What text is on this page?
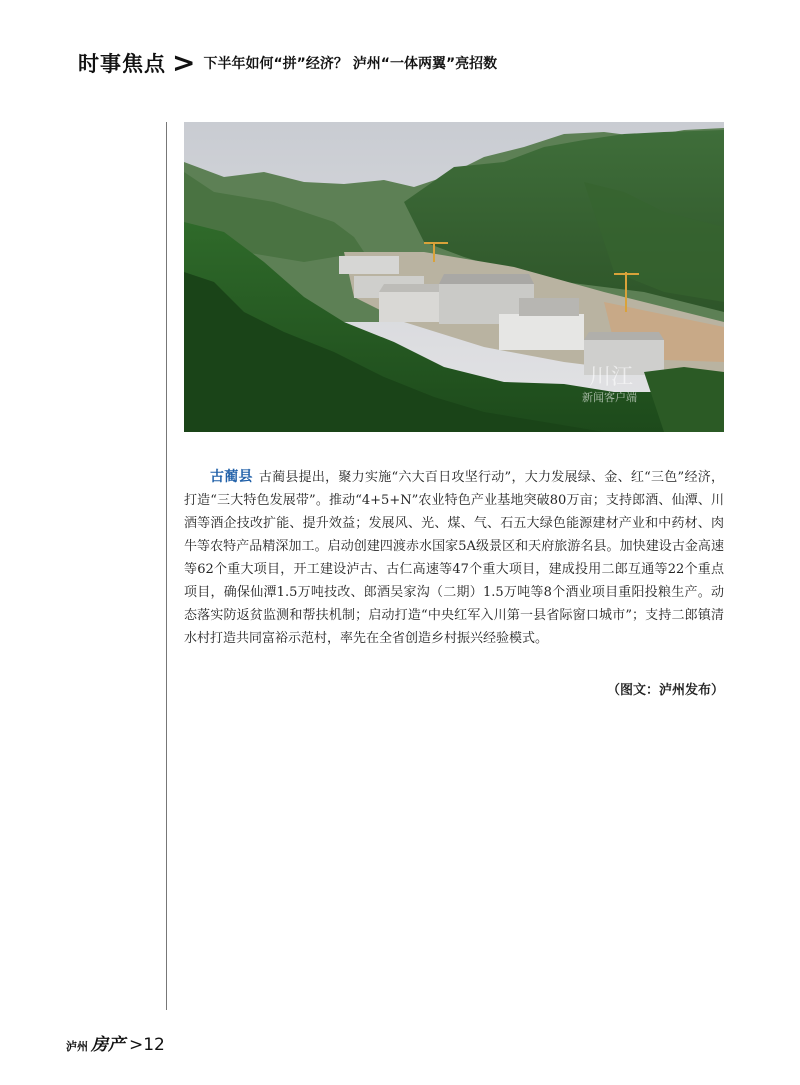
时事焦点 > 下半年如何“拼”经济？ 泸州“一体两翼”亮招数
川江
新闻客户端

古蔺县 古蔺县提出，聚力实施“六大百日攻坚行动”，大力发展绿、金、红“三色”经济，打造“三大特色发展带”。推动“4+5+N”农业特色产业基地突破80万亩；支持郎酒、仙潭、川酒等酒企技改扩能、提升效益；发展风、光、煤、气、石五大绿色能源建材产业和中药材、肉牛等农特产品精深加工。启动创建四渡赤水国家5A级景区和天府旅游名县。加快建设古金高速等62个重大项目，开工建设泸古、古仁高速等47个重大项目，建成投用二郎互通等22个重点项目，确保仙潭1.5万吨技改、郎酒吴家沟（二期）1.5万吨等8个酒业项目重阳投粮生产。动态落实防返贫监测和帮扶机制；启动打造“中央红军入川第一县省际窗口城市”；支持二郎镇清水村打造共同富裕示范村，率先在全省创造乡村振兴经验模式。

（图文：泸州发布）
泸州 房产 >12
